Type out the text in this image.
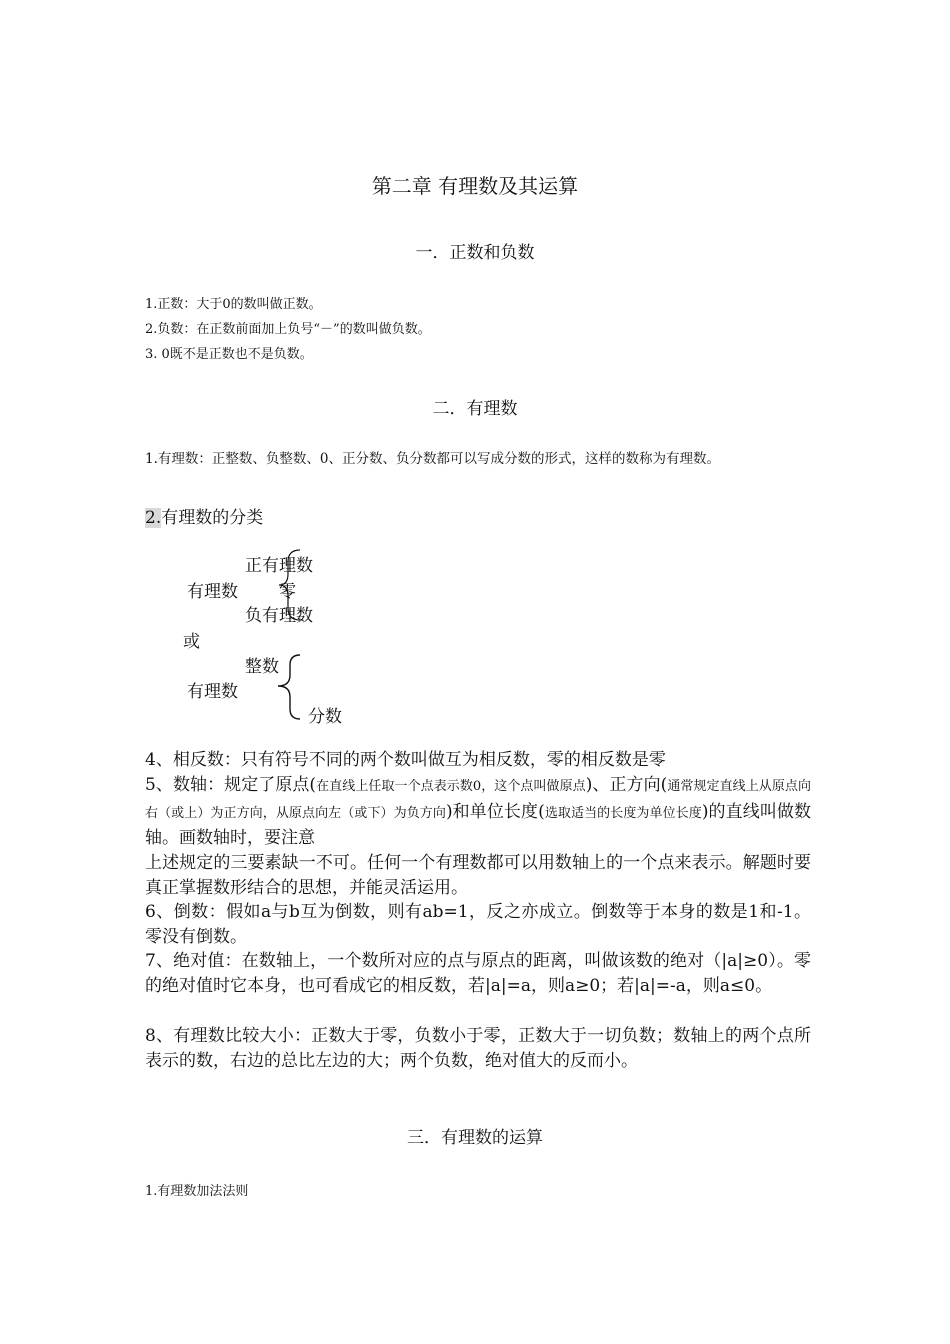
第二章 有理数及其运算
一．正数和负数
1.正数：大于0的数叫做正数。
2.负数：在正数前面加上负号“－”的数叫做负数。
3. 0既不是正数也不是负数。
二．有理数
1.有理数：正整数、负整数、0、正分数、负分数都可以写成分数的形式，这样的数称为有理数。
2.有理数的分类
正有理数
有理数 零
负有理数
或
整数
有理数
分数
4、相反数：只有符号不同的两个数叫做互为相反数，零的相反数是零
5、数轴：规定了原点(在直线上任取一个点表示数0，这个点叫做原点)、正方向(通常规定直线上从原点向右（或上）为正方向，从原点向左（或下）为负方向)和单位长度(选取适当的长度为单位长度)的直线叫做数轴。画数轴时，要注意
上述规定的三要素缺一不可。任何一个有理数都可以用数轴上的一个点来表示。解题时要真正掌握数形结合的思想，并能灵活运用。
6、倒数：假如a与b互为倒数，则有ab=1，反之亦成立。倒数等于本身的数是1和-1。零没有倒数。
7、绝对值：在数轴上，一个数所对应的点与原点的距离，叫做该数的绝对（|a|≥0）。零的绝对值时它本身，也可看成它的相反数，若|a|=a，则a≥0；若|a|=-a，则a≤0。
8、有理数比较大小：正数大于零，负数小于零，正数大于一切负数；数轴上的两个点所表示的数，右边的总比左边的大；两个负数，绝对值大的反而小。
三．有理数的运算
1.有理数加法法则
